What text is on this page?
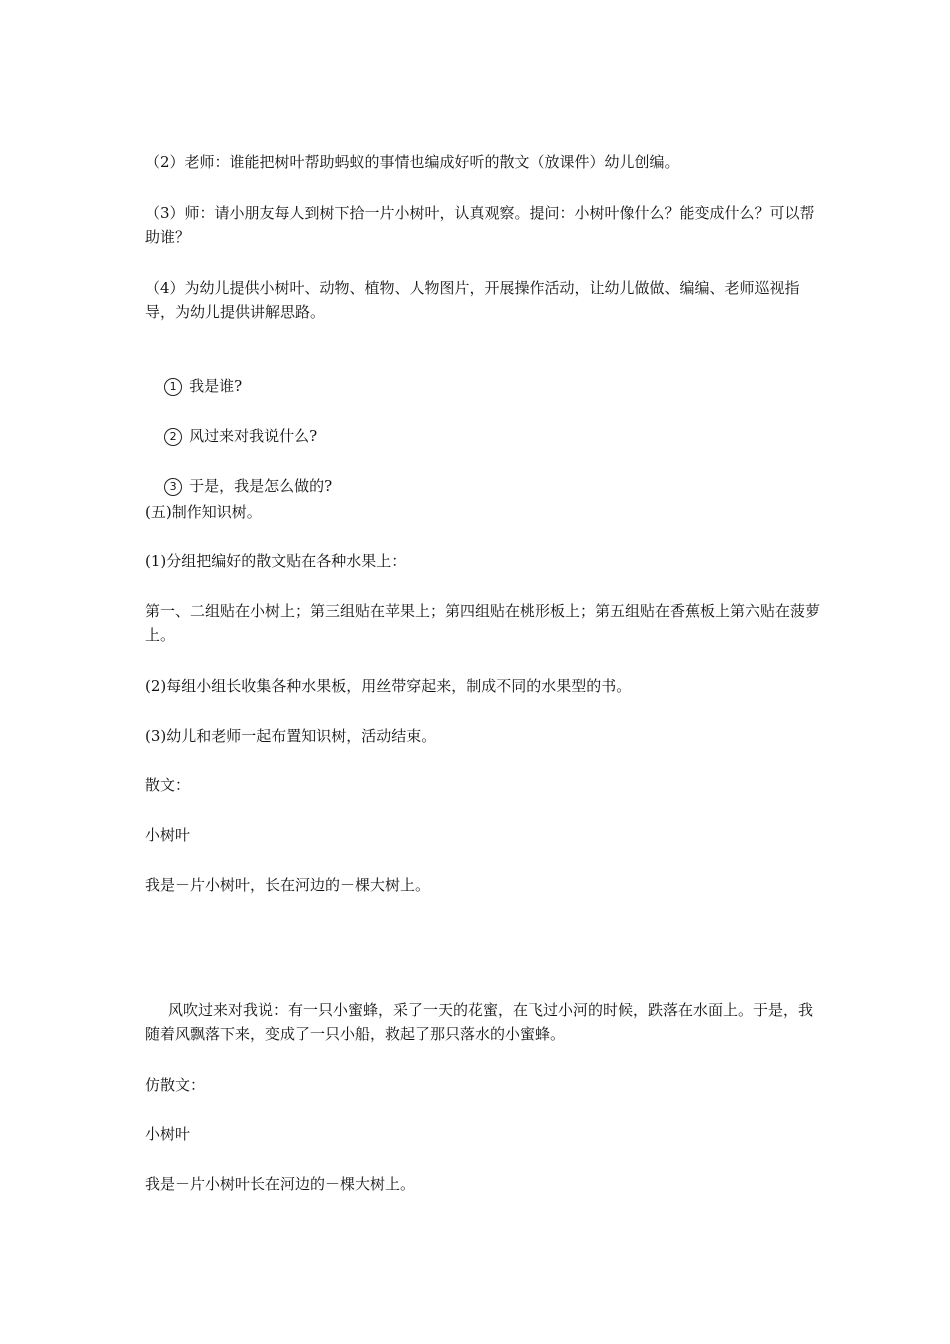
（2）老师：谁能把树叶帮助蚂蚁的事情也编成好听的散文（放课件）幼儿创编。

（3）师：请小朋友每人到树下拾一片小树叶，认真观察。提问：小树叶像什么？能变成什么？可以帮助谁？

（4）为幼儿提供小树叶、动物、植物、人物图片，开展操作活动，让幼儿做做、编编、老师巡视指导，为幼儿提供讲解思路。

1 我是谁?

2 风过来对我说什么?

3 于是，我是怎么做的?

(五)制作知识树。

(1)分组把编好的散文贴在各种水果上：

第一、二组贴在小树上；第三组贴在苹果上；第四组贴在桃形板上；第五组贴在香蕉板上第六贴在菠萝上。

(2)每组小组长收集各种水果板，用丝带穿起来，制成不同的水果型的书。

(3)幼儿和老师一起布置知识树，活动结束。

散文：

小树叶

我是－片小树叶，长在河边的－棵大树上。

风吹过来对我说：有一只小蜜蜂，采了一天的花蜜，在飞过小河的时候，跌落在水面上。于是，我随着风飘落下来，变成了一只小船，救起了那只落水的小蜜蜂。

仿散文：

小树叶

我是－片小树叶长在河边的－棵大树上。
